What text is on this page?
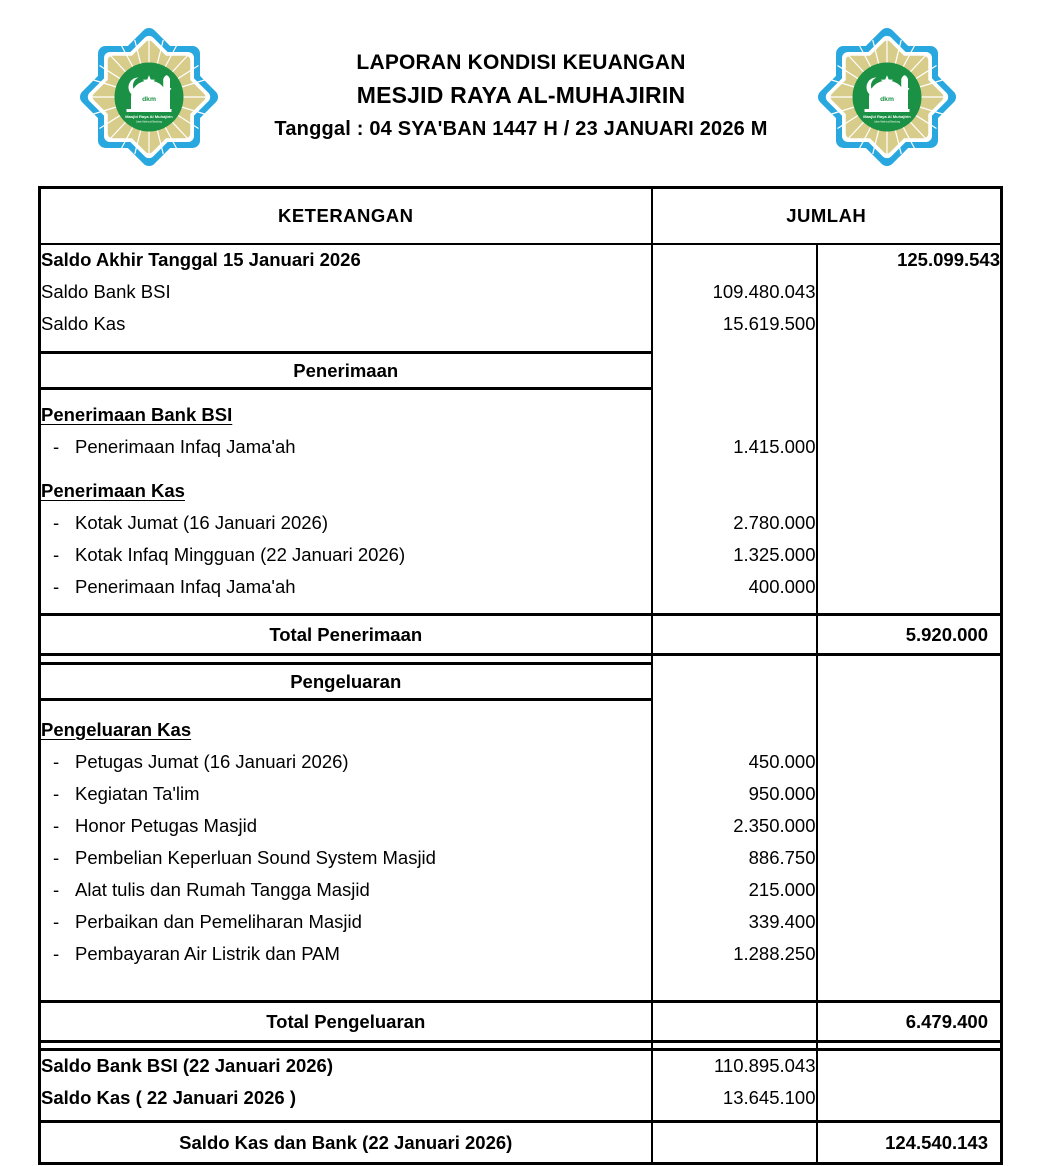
dkm
Masjid Raya Al Muhajirin
Jalan Mahmud Bandung
dkm
Masjid Raya Al Muhajirin
Jalan Mahmud Bandung
LAPORAN KONDISI KEUANGAN
MESJID RAYA AL-MUHAJIRIN
Tanggal : 04 SYA'BAN 1447 H / 23 JANUARI 2026 M
KETERANGAN	JUMLAH	
Saldo Akhir Tanggal 15 Januari 2026		125.099.543
Saldo Bank BSI	109.480.043	
Saldo Kas	15.619.500	

Penerimaan		

Penerimaan Bank BSI		

- Penerimaan Infaq Jama'ah	1.415.000	

Penerimaan Kas		

- Kotak Jumat (16 Januari 2026)	2.780.000	

- Kotak Infaq Mingguan (22 Januari 2026)	1.325.000	

- Penerimaan Infaq Jama'ah	400.000	

Total Penerimaan		5.920.000

Pengeluaran		

Pengeluaran Kas		

- Petugas Jumat (16 Januari 2026)	450.000	

- Kegiatan Ta'lim	950.000	

- Honor Petugas Masjid	2.350.000	

- Pembelian Keperluan Sound System Masjid	886.750	

- Alat tulis dan Rumah Tangga Masjid	215.000	

- Perbaikan dan Pemeliharan Masjid	339.400	

- Pembayaran Air Listrik dan PAM	1.288.250	

Total Pengeluaran		6.479.400

Saldo Bank BSI (22 Januari 2026)	110.895.043	
Saldo Kas ( 22 Januari 2026 )	13.645.100	

Saldo Kas dan Bank (22 Januari 2026)		124.540.143
